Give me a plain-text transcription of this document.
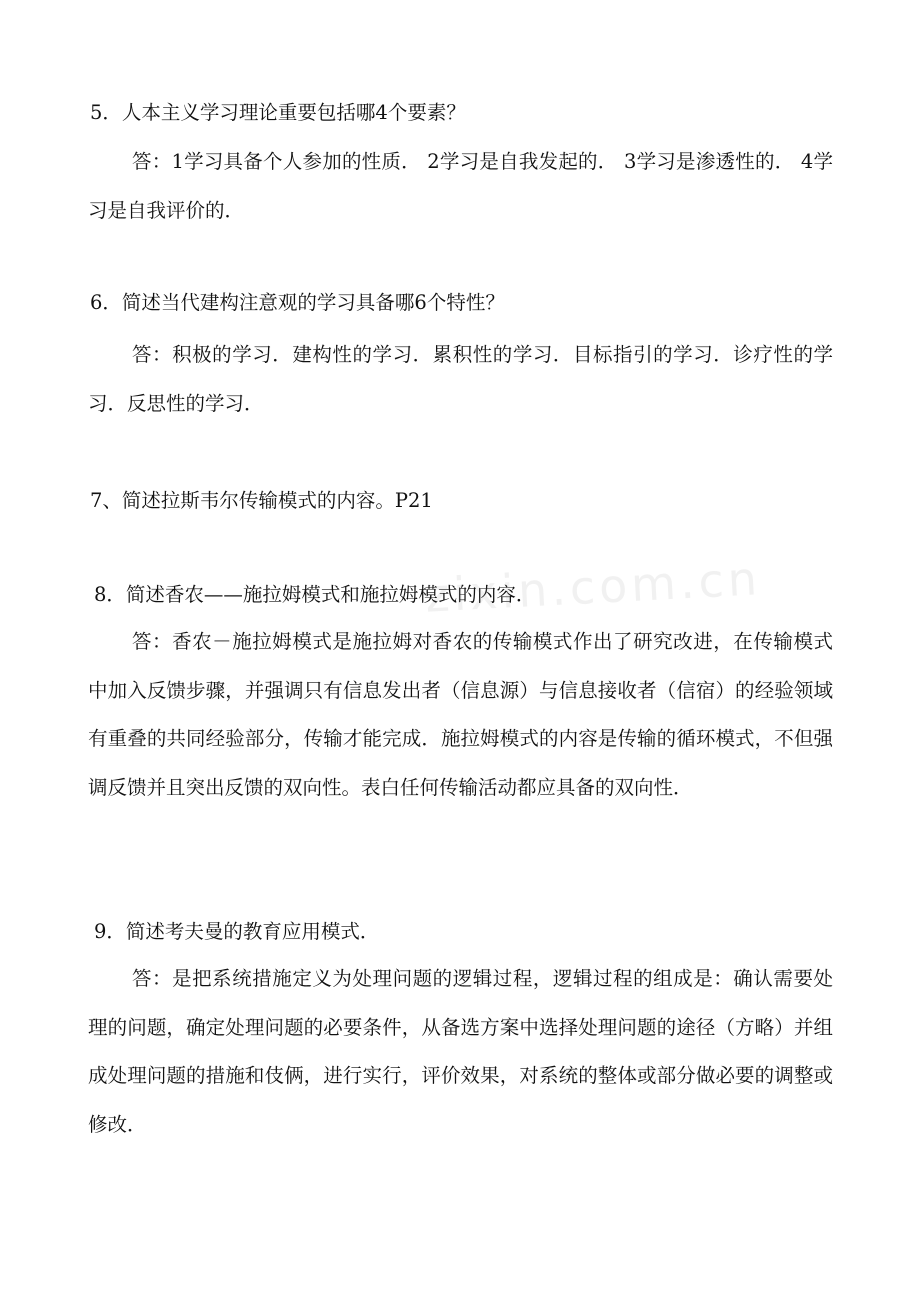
5．人本主义学习理论重要包括哪4个要素？
答：1学习具备个人参加的性质． 2学习是自我发起的． 3学习是渗透性的． 4学习是自我评价的．
6．简述当代建构注意观的学习具备哪6个特性？
答：积极的学习．建构性的学习．累积性的学习．目标指引的学习．诊疗性的学习．反思性的学习．
7、简述拉斯韦尔传输模式的内容。P21
8．简述香农——施拉姆模式和施拉姆模式的内容．
答：香农－施拉姆模式是施拉姆对香农的传输模式作出了研究改进，在传输模式中加入反馈步骤，并强调只有信息发出者（信息源）与信息接收者（信宿）的经验领域有重叠的共同经验部分，传输才能完成．施拉姆模式的内容是传输的循环模式，不但强调反馈并且突出反馈的双向性。表白任何传输活动都应具备的双向性．
9．简述考夫曼的教育应用模式．
答：是把系统措施定义为处理问题的逻辑过程，逻辑过程的组成是：确认需要处理的问题，确定处理问题的必要条件，从备选方案中选择处理问题的途径（方略）并组成处理问题的措施和伎俩，进行实行，评价效果，对系统的整体或部分做必要的调整或修改．
zixin.com.cn
